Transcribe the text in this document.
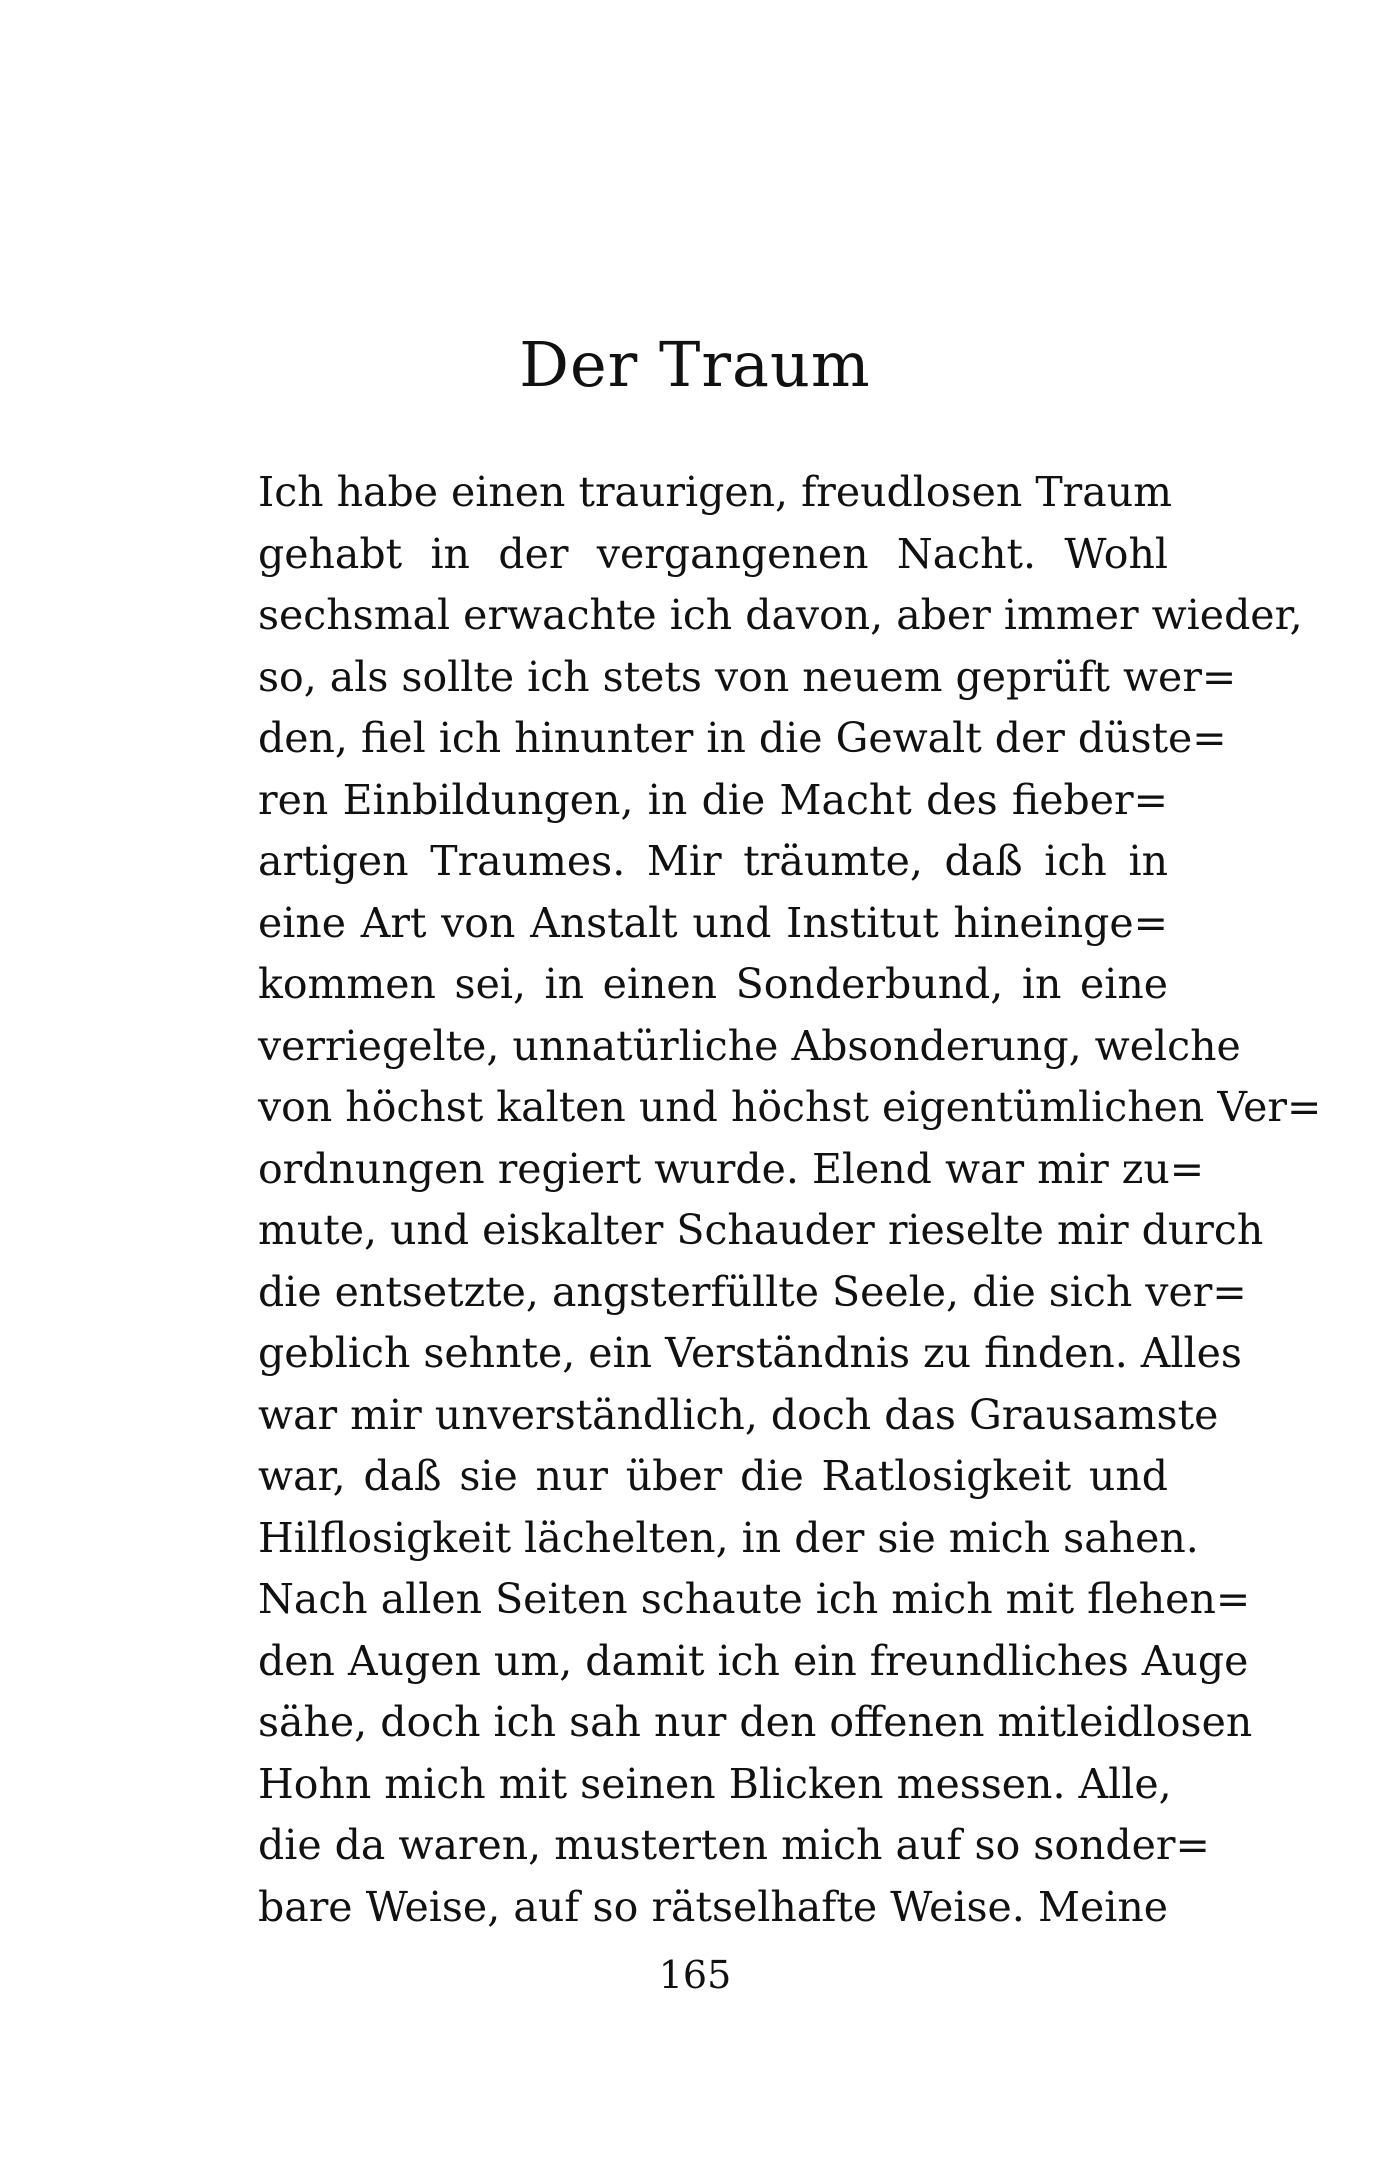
Der Traum
Ich habe einen traurigen, freudlosen Traum
gehabt in der vergangenen Nacht. Wohl
sechsmal erwachte ich davon, aber immer wieder,
so, als sollte ich stets von neuem geprüft wer=
den, fiel ich hinunter in die Gewalt der düste=
ren Einbildungen, in die Macht des fieber=
artigen Traumes. Mir träumte, daß ich in
eine Art von Anstalt und Institut hineinge=
kommen sei, in einen Sonderbund, in eine
verriegelte, unnatürliche Absonderung, welche
von höchst kalten und höchst eigentümlichen Ver=
ordnungen regiert wurde. Elend war mir zu=
mute, und eiskalter Schauder rieselte mir durch
die entsetzte, angsterfüllte Seele, die sich ver=
geblich sehnte, ein Verständnis zu finden. Alles
war mir unverständlich, doch das Grausamste
war, daß sie nur über die Ratlosigkeit und
Hilflosigkeit lächelten, in der sie mich sahen.
Nach allen Seiten schaute ich mich mit flehen=
den Augen um, damit ich ein freundliches Auge
sähe, doch ich sah nur den offenen mitleidlosen
Hohn mich mit seinen Blicken messen. Alle,
die da waren, musterten mich auf so sonder=
bare Weise, auf so rätselhafte Weise. Meine
165
